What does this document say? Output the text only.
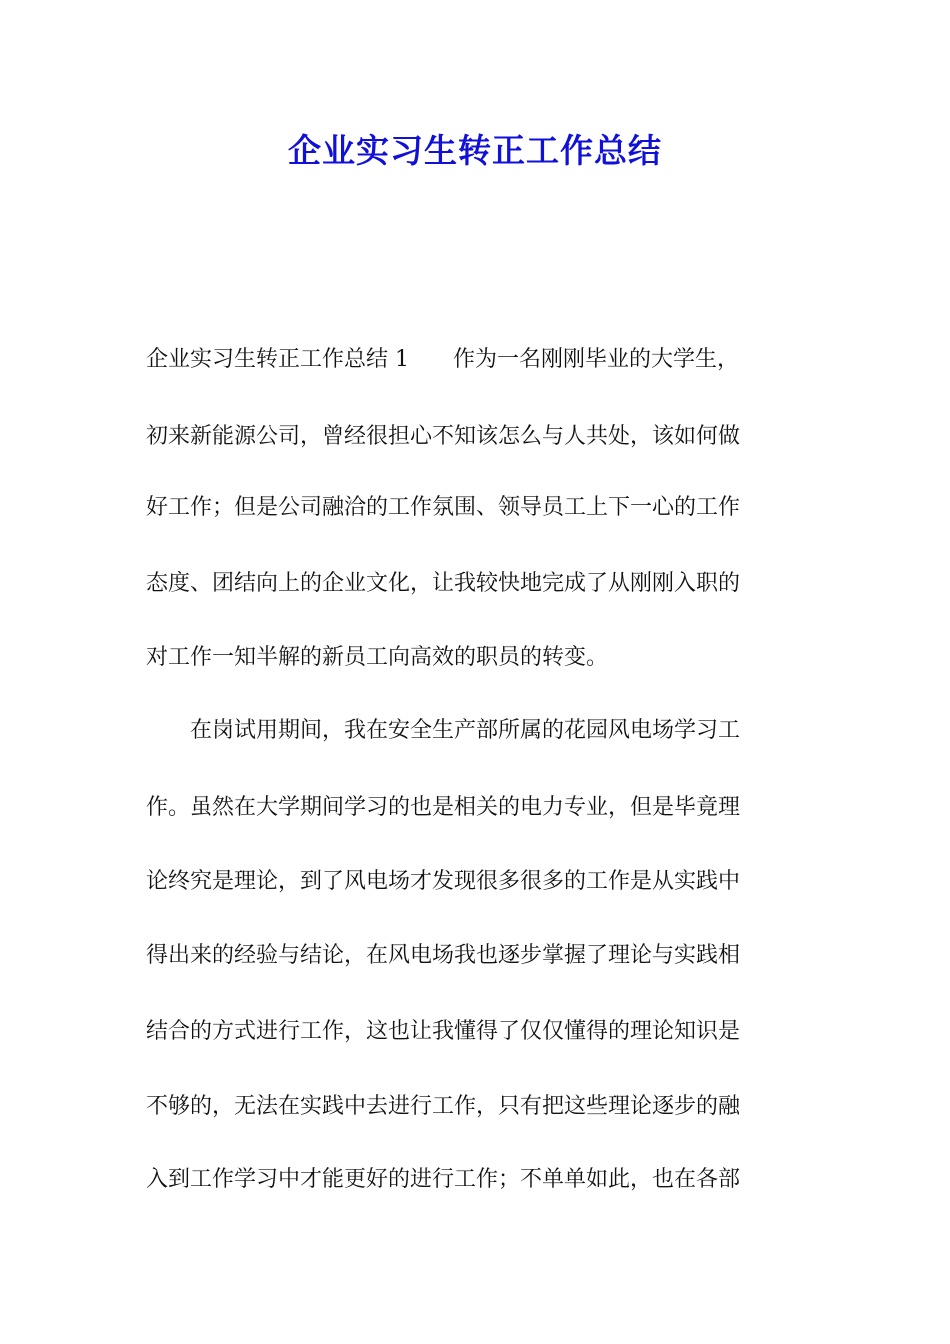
企业实习生转正工作总结
企业实习生转正工作总结 1　　作为一名刚刚毕业的大学生，
初来新能源公司，曾经很担心不知该怎么与人共处，该如何做
好工作；但是公司融洽的工作氛围、领导员工上下一心的工作
态度、团结向上的企业文化，让我较快地完成了从刚刚入职的
对工作一知半解的新员工向高效的职员的转变。
在岗试用期间，我在安全生产部所属的花园风电场学习工
作。虽然在大学期间学习的也是相关的电力专业，但是毕竟理
论终究是理论，到了风电场才发现很多很多的工作是从实践中
得出来的经验与结论，在风电场我也逐步掌握了理论与实践相
结合的方式进行工作，这也让我懂得了仅仅懂得的理论知识是
不够的，无法在实践中去进行工作，只有把这些理论逐步的融
入到工作学习中才能更好的进行工作；不单单如此，也在各部
